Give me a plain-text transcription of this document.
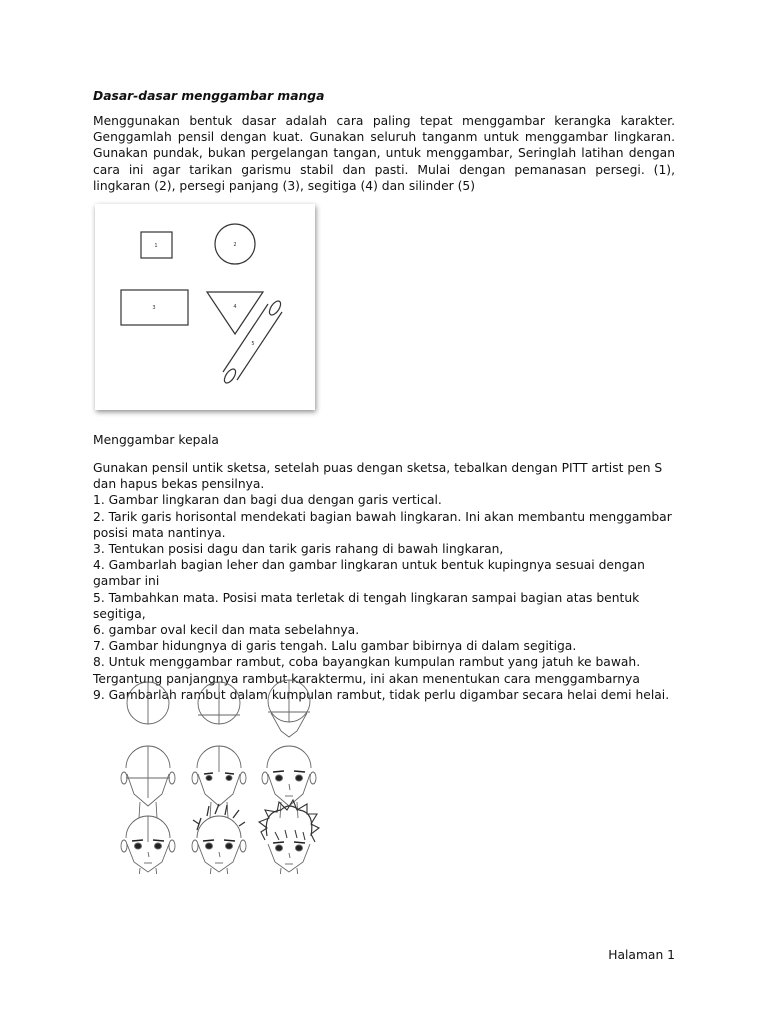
Dasar-dasar menggambar manga
Menggunakan bentuk dasar adalah cara paling tepat menggambar kerangka karakter. Genggamlah pensil dengan kuat. Gunakan seluruh tanganm untuk menggambar lingkaran. Gunakan pundak, bukan pergelangan tangan, untuk menggambar, Seringlah latihan dengan cara ini agar tarikan garismu stabil dan pasti. Mulai dengan pemanasan persegi. (1), lingkaran (2), persegi panjang (3), segitiga (4) dan silinder (5)
1	2
3	4
5
Menggambar kepala

Gunakan pensil untik sketsa, setelah puas dengan sketsa, tebalkan dengan PITT artist pen S dan hapus bekas pensilnya.

1. Gambar lingkaran dan bagi dua dengan garis vertical.

2. Tarik garis horisontal mendekati bagian bawah lingkaran. Ini akan membantu menggambar posisi mata nantinya.

3. Tentukan posisi dagu dan tarik garis rahang di bawah lingkaran,

4. Gambarlah bagian leher dan gambar lingkaran untuk bentuk kupingnya sesuai dengan gambar ini

5. Tambahkan mata. Posisi mata terletak di tengah lingkaran sampai bagian atas bentuk segitiga,

6. gambar oval kecil dan mata sebelahnya.

7. Gambar hidungnya di garis tengah. Lalu gambar bibirnya di dalam segitiga.

8. Untuk menggambar rambut, coba bayangkan kumpulan rambut yang jatuh ke bawah. Tergantung panjangnya rambut karaktermu, ini akan menentukan cara menggambarnya

9. Gambarlah rambut dalam kumpulan rambut, tidak perlu digambar secara helai demi helai.

Halaman 1
